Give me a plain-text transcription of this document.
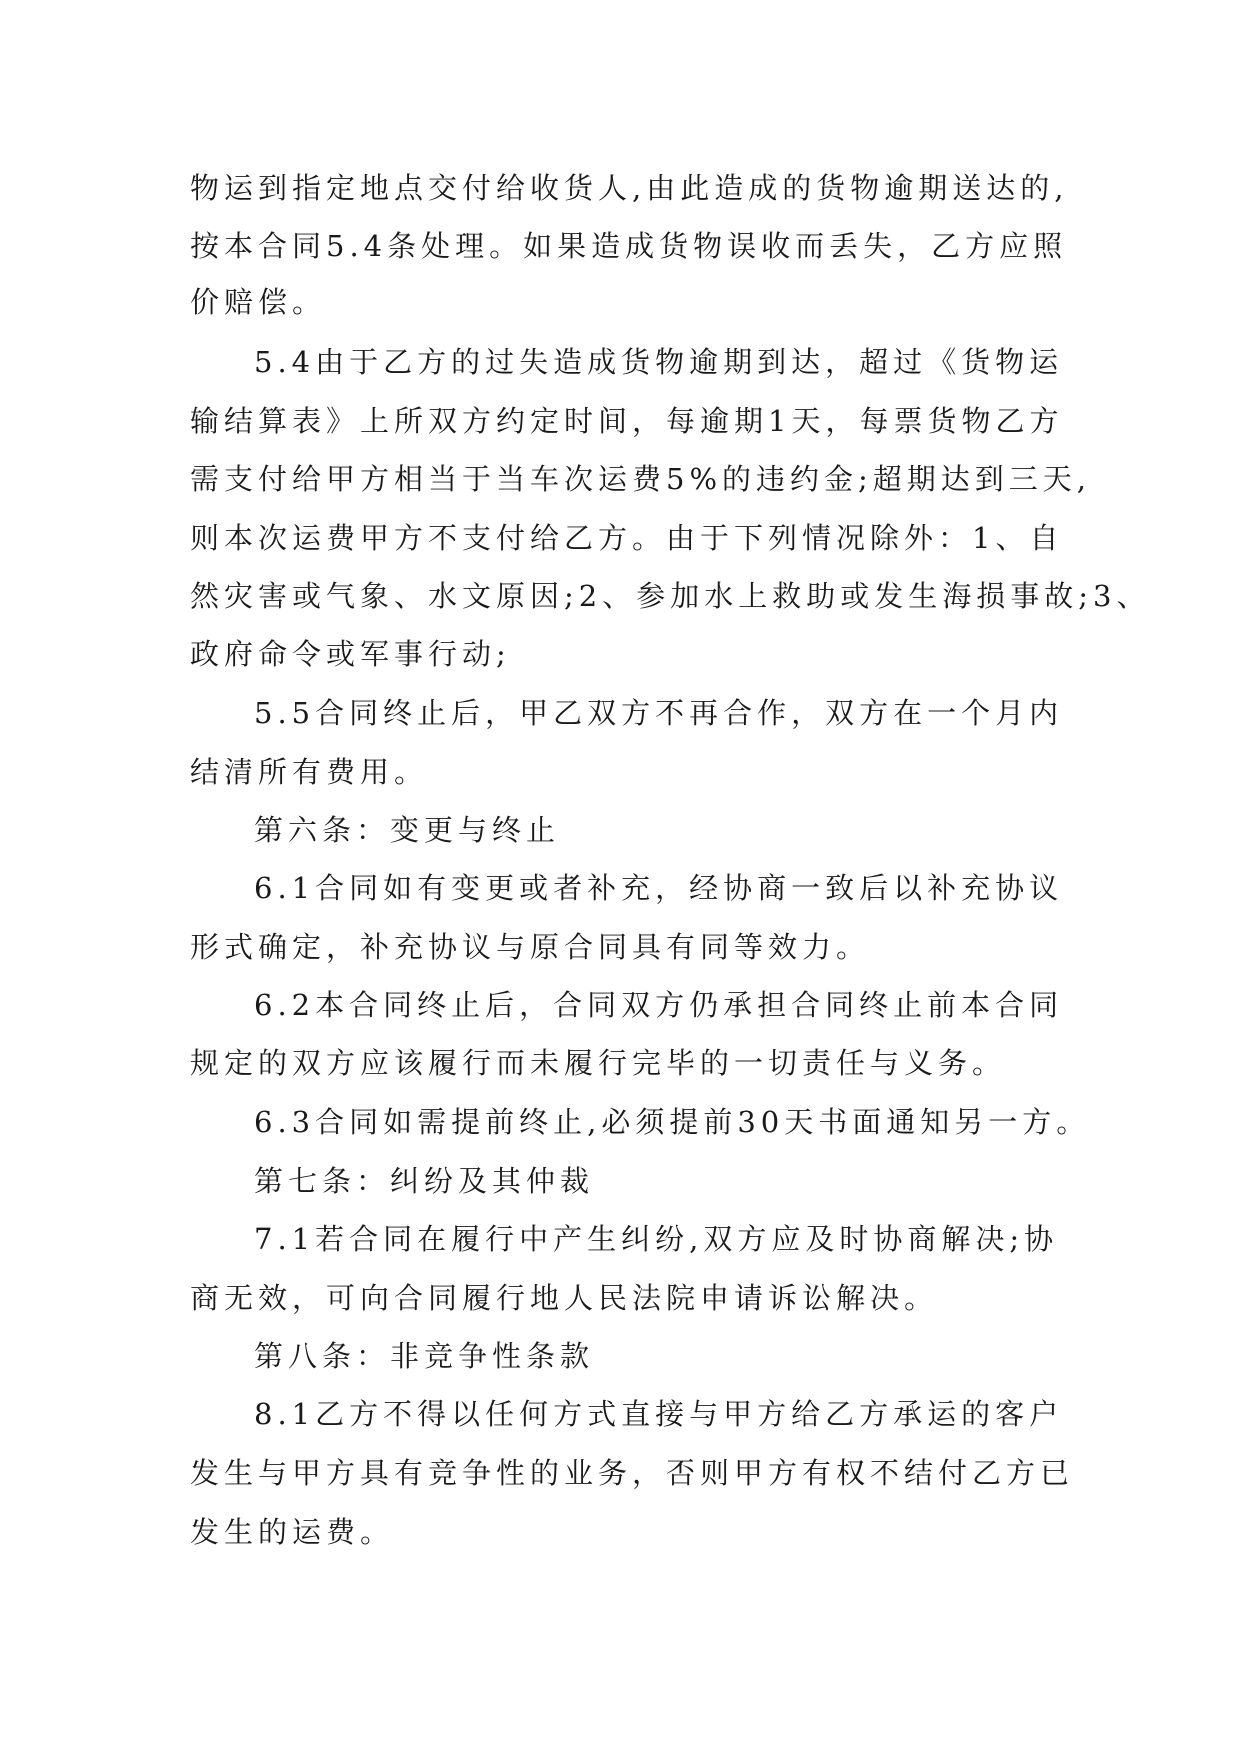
物运到指定地点交付给收货人,由此造成的货物逾期送达的,
按本合同5.4条处理。如果造成货物误收而丢失，乙方应照
价赔偿。
5.4由于乙方的过失造成货物逾期到达，超过《货物运
输结算表》上所双方约定时间，每逾期1天，每票货物乙方
需支付给甲方相当于当车次运费5%的违约金;超期达到三天,
则本次运费甲方不支付给乙方。由于下列情况除外：1、自
然灾害或气象、水文原因;2、参加水上救助或发生海损事故;3、
政府命令或军事行动;
5.5合同终止后，甲乙双方不再合作，双方在一个月内
结清所有费用。
第六条：变更与终止
6.1合同如有变更或者补充，经协商一致后以补充协议
形式确定，补充协议与原合同具有同等效力。
6.2本合同终止后，合同双方仍承担合同终止前本合同
规定的双方应该履行而未履行完毕的一切责任与义务。
6.3合同如需提前终止,必须提前30天书面通知另一方。
第七条：纠纷及其仲裁
7.1若合同在履行中产生纠纷,双方应及时协商解决;协
商无效，可向合同履行地人民法院申请诉讼解决。
第八条：非竞争性条款
8.1乙方不得以任何方式直接与甲方给乙方承运的客户
发生与甲方具有竞争性的业务，否则甲方有权不结付乙方已
发生的运费。
